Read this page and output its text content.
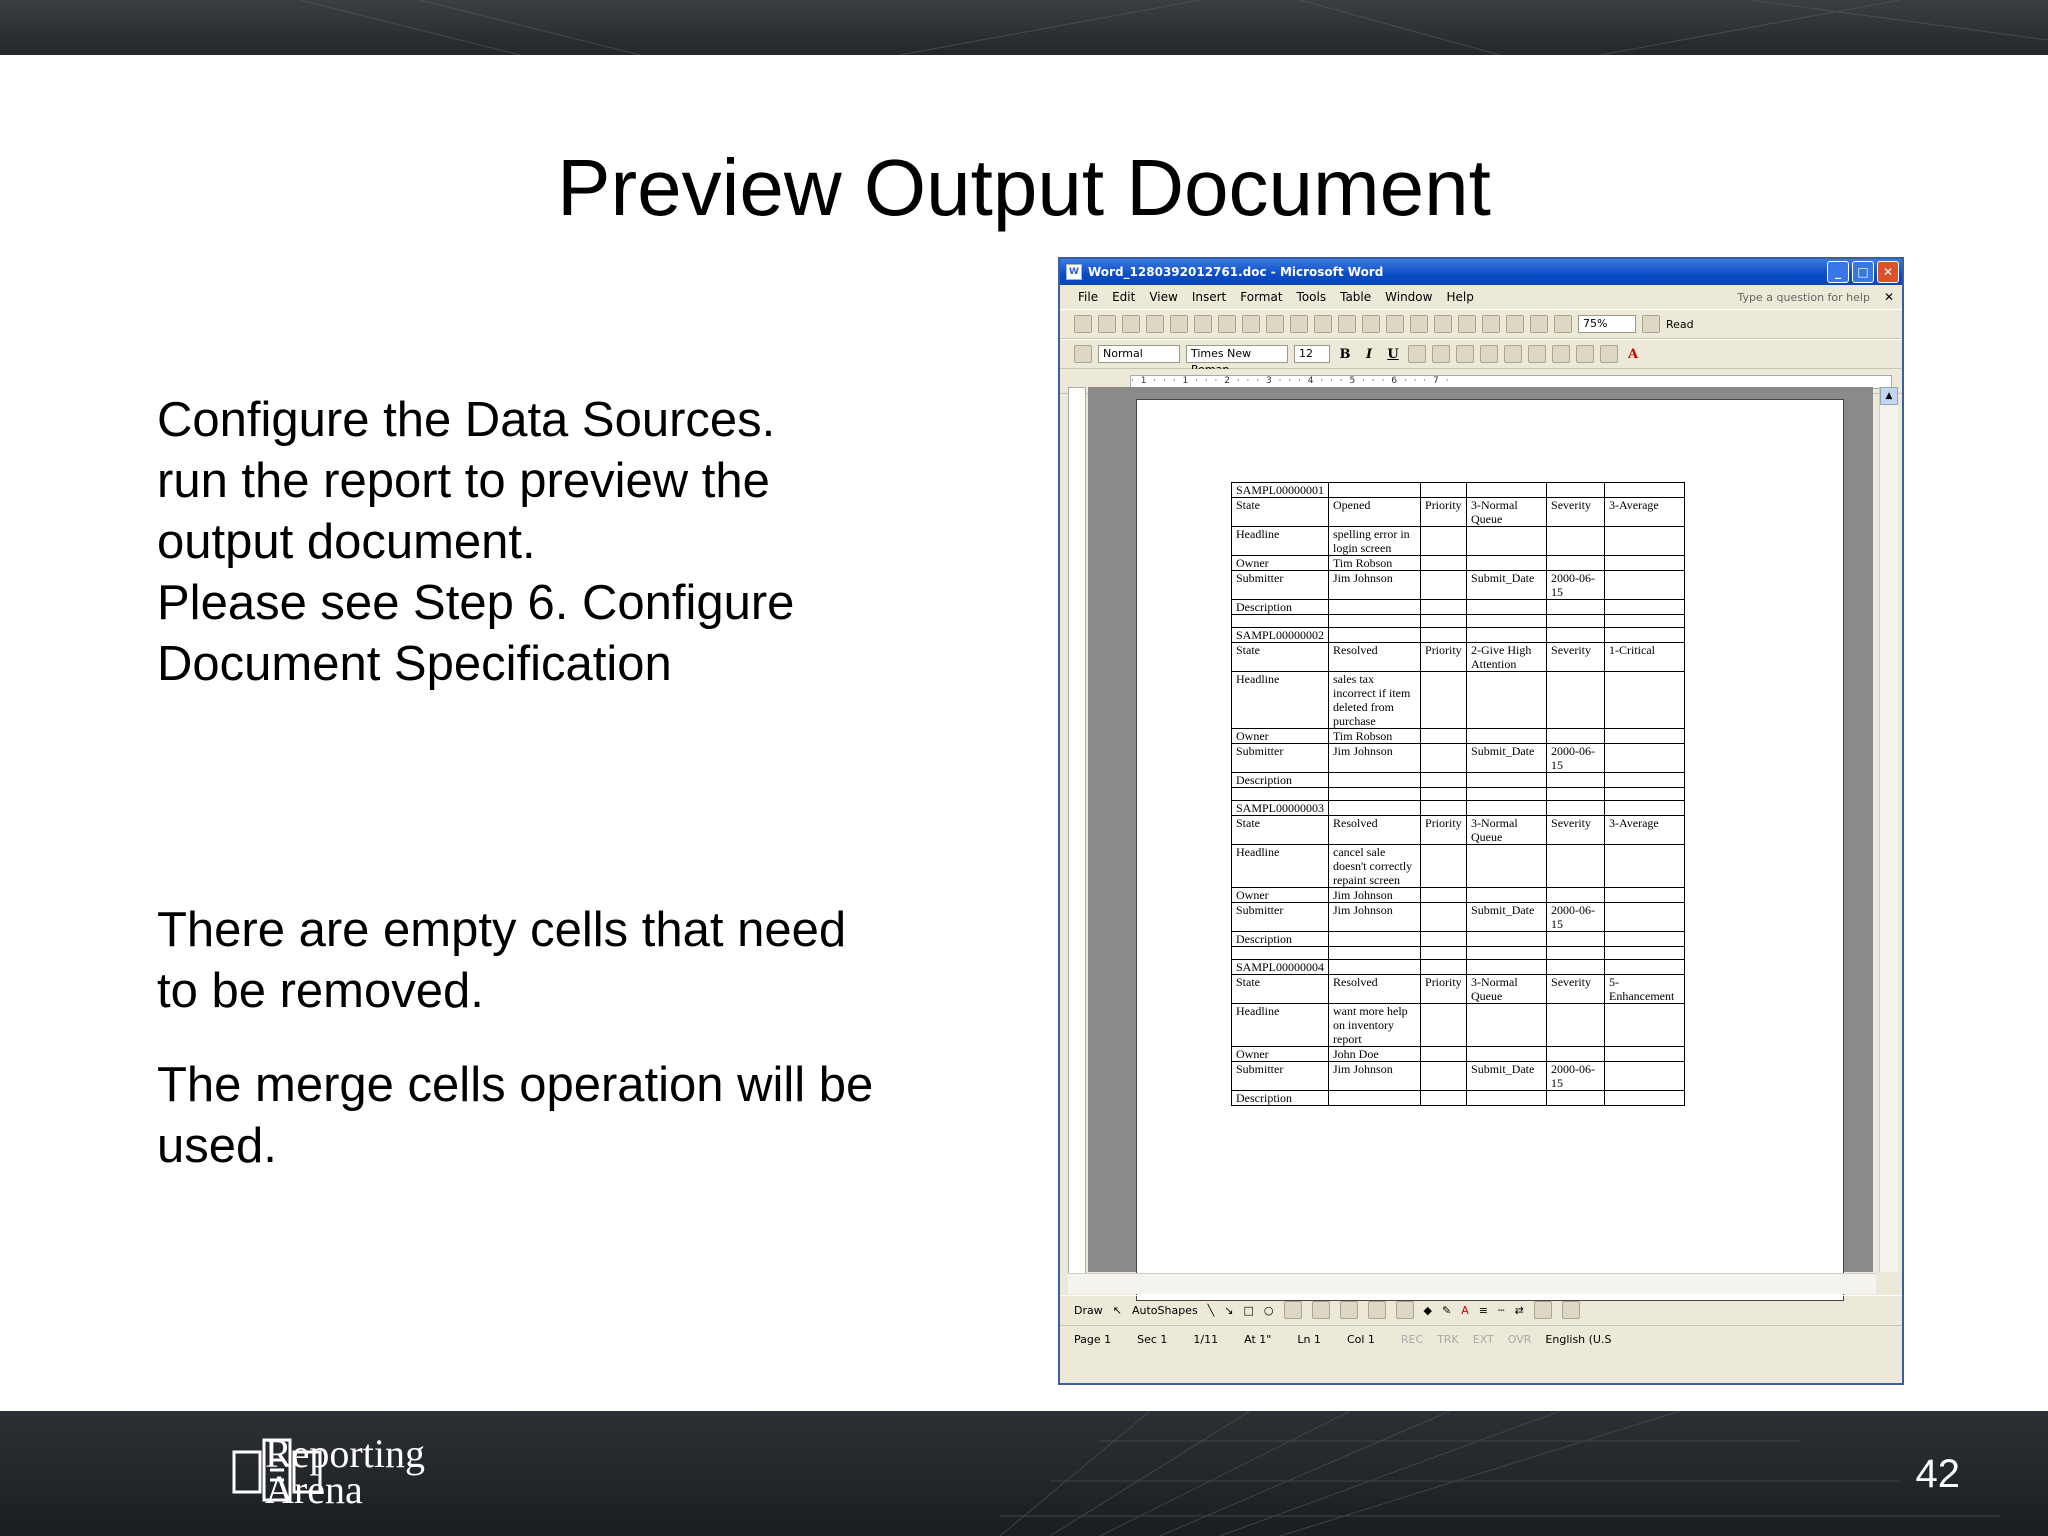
Preview Output Document

Configure the Data Sources.

run the report to preview the

output document.

Please see Step 6. Configure

Document Specification

There are empty cells that need

to be removed.

The merge cells operation will be

used.

W Word_1280392012761.doc - Microsoft Word	_	□	✕
File Edit View Insert Format Tools Table Window Help	Type a question for help ✕
75%	Read
Normal	Times New	12	B	I	U	A
· 1 · · · 1 · · · 2 · · · 3 · · · 4 · · · 5 · · · 6 · · · 7 ·
SAMPL00000001					
State	Opened	Priority	3-Normal Queue	Severity	3-Average
Headline	spelling error in login screen				
Owner	Tim Robson				
Submitter	Jim Johnson		Submit_Date	2000-06-15	
Description					

SAMPL00000002					
State	Resolved	Priority	2-Give High Attention	Severity	1-Critical
Headline	sales tax incorrect if item deleted from purchase				
Owner	Tim Robson				
Submitter	Jim Johnson		Submit_Date	2000-06-15	
Description					

SAMPL00000003					
State	Resolved	Priority	3-Normal Queue	Severity	3-Average
Headline	cancel sale doesn't correctly repaint screen				
Owner	Jim Johnson				
Submitter	Jim Johnson		Submit_Date	2000-06-15	
Description					

SAMPL00000004					
State	Resolved	Priority	3-Normal Queue	Severity	5-Enhancement
Headline	want more help on inventory report				
Owner	John Doe				
Submitter	Jim Johnson		Submit_Date	2000-06-15	
Description					
▲
Draw ↖ AutoShapes ╲ ↘ □ ○	◆ ✎ A ≡ ┄ ⇄
Page 1 Sec 1 1/11 At 1" Ln 1 Col 1 REC TRK EXT OVR English (U.S
Reporting
Arena	42
